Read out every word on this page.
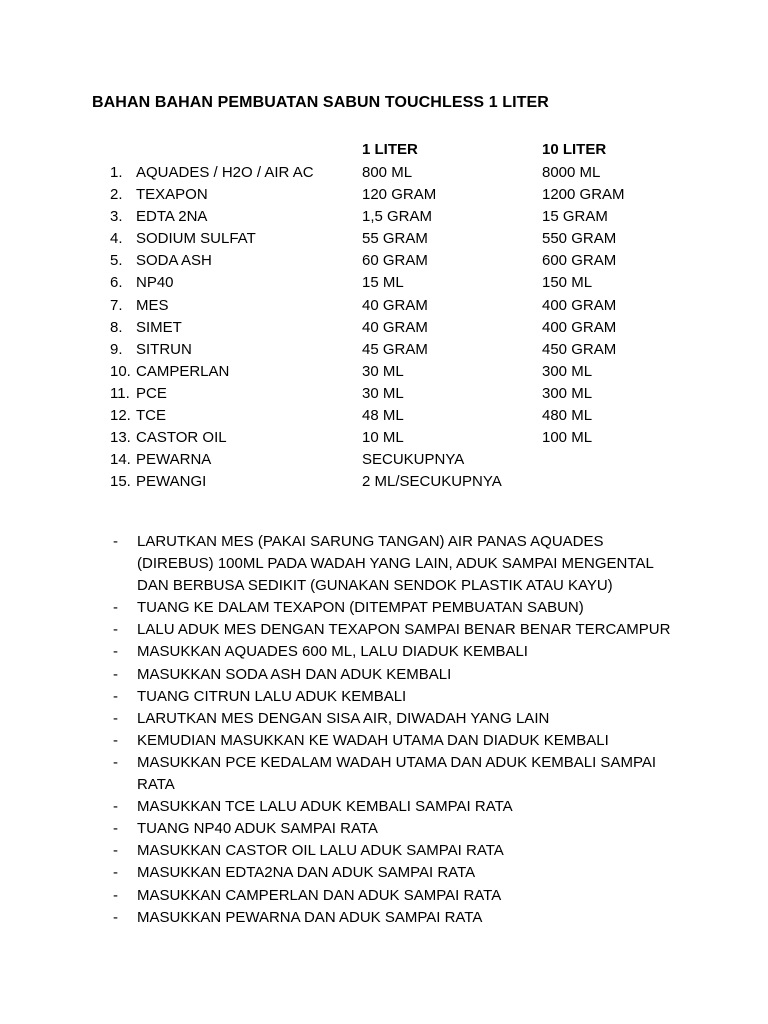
BAHAN BAHAN PEMBUATAN SABUN TOUCHLESS 1 LITER
1 LITER	10 LITER
1. AQUADES / H2O / AIR AC	800 ML	8000 ML
2. TEXAPON	120 GRAM	1200 GRAM
3. EDTA 2NA	1,5 GRAM	15 GRAM
4. SODIUM SULFAT	55 GRAM	550 GRAM
5. SODA ASH	60 GRAM	600 GRAM
6. NP40	15 ML	150 ML
7. MES	40 GRAM	400 GRAM
8. SIMET	40 GRAM	400 GRAM
9. SITRUN	45 GRAM	450 GRAM
10. CAMPERLAN	30 ML	300 ML
11. PCE	30 ML	300 ML
12. TCE	48 ML	480 ML
13. CASTOR OIL	10 ML	100 ML
14. PEWARNA	SECUKUPNYA
15. PEWANGI	2 ML/SECUKUPNYA
- LARUTKAN MES (PAKAI SARUNG TANGAN) AIR PANAS AQUADES (DIREBUS) 100ML PADA WADAH YANG LAIN, ADUK SAMPAI MENGENTAL DAN BERBUSA SEDIKIT (GUNAKAN SENDOK PLASTIK ATAU KAYU)
- TUANG KE DALAM TEXAPON (DITEMPAT PEMBUATAN SABUN)
- LALU ADUK MES DENGAN TEXAPON SAMPAI BENAR BENAR TERCAMPUR
- MASUKKAN AQUADES 600 ML, LALU DIADUK KEMBALI
- MASUKKAN SODA ASH DAN ADUK KEMBALI
- TUANG CITRUN LALU ADUK KEMBALI
- LARUTKAN MES DENGAN SISA AIR, DIWADAH YANG LAIN
- KEMUDIAN MASUKKAN KE WADAH UTAMA DAN DIADUK KEMBALI
- MASUKKAN PCE KEDALAM WADAH UTAMA DAN ADUK KEMBALI SAMPAI RATA
- MASUKKAN TCE LALU ADUK KEMBALI SAMPAI RATA
- TUANG NP40 ADUK SAMPAI RATA
- MASUKKAN CASTOR OIL LALU ADUK SAMPAI RATA
- MASUKKAN EDTA2NA DAN ADUK SAMPAI RATA
- MASUKKAN CAMPERLAN DAN ADUK SAMPAI RATA
- MASUKKAN PEWARNA DAN ADUK SAMPAI RATA
